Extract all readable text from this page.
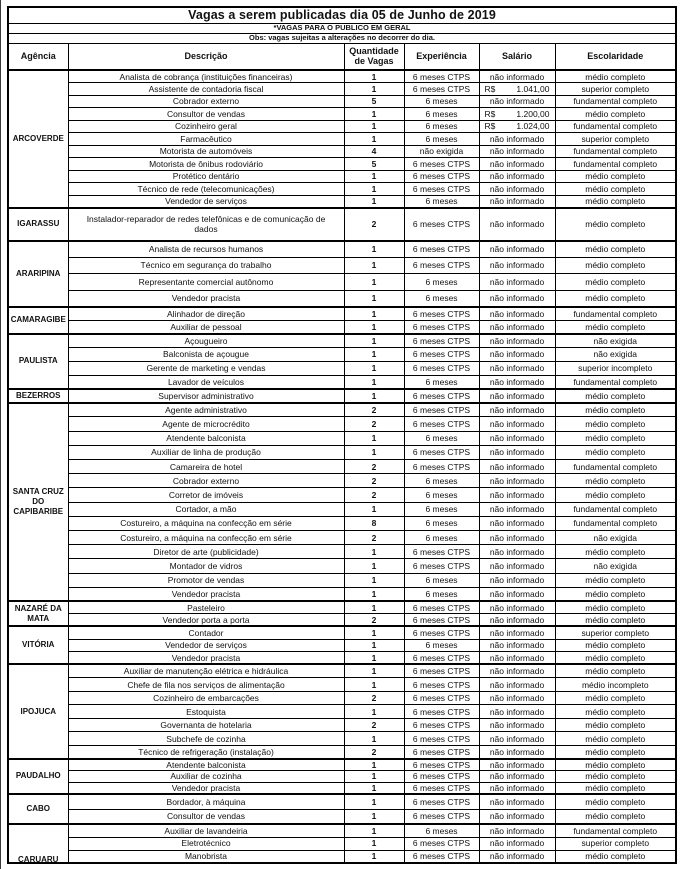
Vagas a serem publicadas dia 05 de Junho de 2019					
*VAGAS PARA O PUBLICO EM GERAL					
Obs: vagas sujeitas a alterações no decorrer do dia.					
Agência	Descrição	Quantidade de Vagas	Experiência	Salário	Escolaridade
ARCOVERDE	Analista de cobrança (instituições financeiras)	1	6 meses CTPS	não informado	médio completo
	Assistente de contadoria fiscal	1	6 meses CTPS	R$ 1.041,00	superior completo
	Cobrador externo	5	6 meses	não informado	fundamental completo
	Consultor de vendas	1	6 meses	R$ 1.200,00	médio completo
	Cozinheiro geral	1	6 meses	R$ 1.024,00	fundamental completo
	Farmacêutico	1	6 meses	não informado	superior completo
	Motorista de automóveis	4	não exigida	não informado	fundamental completo
	Motorista de ônibus rodoviário	5	6 meses CTPS	não informado	fundamental completo
	Protético dentário	1	6 meses CTPS	não informado	médio completo
	Técnico de rede (telecomunicações)	1	6 meses CTPS	não informado	médio completo
	Vendedor de serviços	1	6 meses	não informado	médio completo
IGARASSU	Instalador-reparador de redes telefônicas e de comunicação de dados	2	6 meses CTPS	não informado	médio completo
ARARIPINA	Analista de recursos humanos	1	6 meses CTPS	não informado	médio completo
	Técnico em segurança do trabalho	1	6 meses CTPS	não informado	médio completo
	Representante comercial autônomo	1	6 meses	não informado	médio completo
	Vendedor pracista	1	6 meses	não informado	médio completo
CAMARAGIBE	Alinhador de direção	1	6 meses CTPS	não informado	fundamental completo
	Auxiliar de pessoal	1	6 meses CTPS	não informado	médio completo
PAULISTA	Açougueiro	1	6 meses CTPS	não informado	não exigida
	Balconista de açougue	1	6 meses CTPS	não informado	não exigida
	Gerente de marketing e vendas	1	6 meses CTPS	não informado	superior incompleto
	Lavador de veículos	1	6 meses	não informado	fundamental completo
BEZERROS	Supervisor administrativo	1	6 meses CTPS	não informado	médio completo
SANTA CRUZ DO CAPIBARIBE	Agente administrativo	2	6 meses CTPS	não informado	médio completo
	Agente de microcrédito	2	6 meses CTPS	não informado	médio completo
	Atendente balconista	1	6 meses	não informado	médio completo
	Auxiliar de linha de produção	1	6 meses CTPS	não informado	médio completo
	Camareira de hotel	2	6 meses CTPS	não informado	fundamental completo
	Cobrador externo	2	6 meses	não informado	médio completo
	Corretor de imóveis	2	6 meses	não informado	médio completo
	Cortador, a mão	1	6 meses	não informado	fundamental completo
	Costureiro, a máquina na confecção em série	8	6 meses	não informado	fundamental completo
	Costureiro, a máquina na confecção em série	2	6 meses	não informado	não exigida
	Diretor de arte (publicidade)	1	6 meses CTPS	não informado	médio completo
	Montador de vidros	1	6 meses CTPS	não informado	não exigida
	Promotor de vendas	1	6 meses	não informado	médio completo
	Vendedor pracista	1	6 meses	não informado	médio completo
NAZARÉ DA MATA	Pasteleiro	1	6 meses CTPS	não informado	médio completo
	Vendedor porta a porta	2	6 meses CTPS	não informado	médio completo
VITÓRIA	Contador	1	6 meses CTPS	não informado	superior completo
	Vendedor de serviços	1	6 meses	não informado	médio completo
	Vendedor pracista	1	6 meses CTPS	não informado	médio completo
IPOJUCA	Auxiliar de manutenção elétrica e hidráulica	1	6 meses CTPS	não informado	médio completo
	Chefe de fila nos serviços de alimentação	1	6 meses CTPS	não informado	médio incompleto
	Cozinheiro de embarcações	2	6 meses CTPS	não informado	médio completo
	Estoquista	1	6 meses CTPS	não informado	médio completo
	Governanta de hotelaria	2	6 meses CTPS	não informado	médio completo
	Subchefe de cozinha	1	6 meses CTPS	não informado	médio completo
	Técnico de refrigeração (instalação)	2	6 meses CTPS	não informado	médio completo
PAUDALHO	Atendente balconista	1	6 meses CTPS	não informado	médio completo
	Auxiliar de cozinha	1	6 meses CTPS	não informado	médio completo
	Vendedor pracista	1	6 meses CTPS	não informado	médio completo
CABO	Bordador, à máquina	1	6 meses CTPS	não informado	médio completo
	Consultor de vendas	1	6 meses CTPS	não informado	médio completo
CARUARU	Auxiliar de lavandeiria	1	6 meses	não informado	fundamental completo
	Eletrotécnico	1	6 meses CTPS	não informado	superior completo
	Manobrista	1	6 meses CTPS	não informado	médio completo
